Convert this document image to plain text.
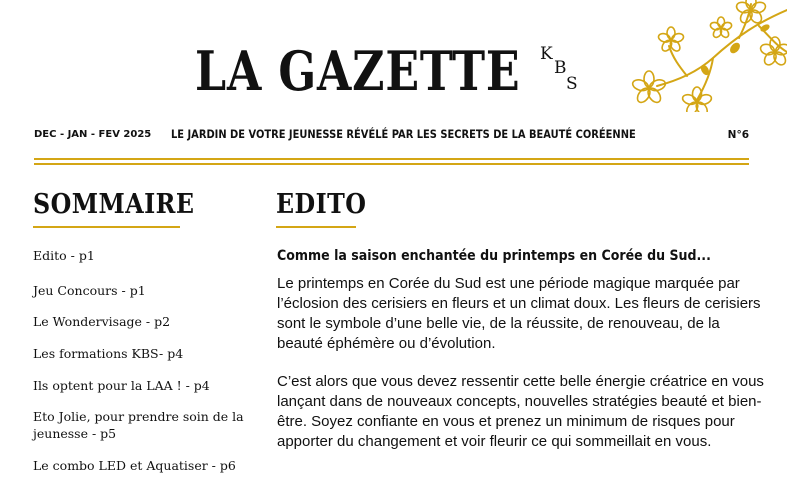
LA GAZETTE K
B
S
DEC - JAN - FEV 2025 LE JARDIN DE VOTRE JEUNESSE RÉVÉLÉ PAR LES SECRETS DE LA BEAUTÉ CORÉENNE	N°6
SOMMAIRE
Edito - p1
Jeu Concours - p1
Le Wondervisage - p2
Les formations KBS- p4
Ils optent pour la LAA ! - p4
Eto Jolie, pour prendre soin de la jeunesse - p5
Le combo LED et Aquatiser - p6
EDITO
Comme la saison enchantée du printemps en Corée du Sud...

Le printemps en Corée du Sud est une période magique marquée par l’éclosion des cerisiers en fleurs et un climat doux. Les fleurs de cerisiers sont le symbole d’une belle vie, de la réussite, de renouveau, de la beauté éphémère ou d’évolution.

C’est alors que vous devez ressentir cette belle énergie créatrice en vous lançant dans de nouveaux concepts, nouvelles stratégies beauté et bien-être. Soyez confiante en vous et prenez un minimum de risques pour apporter du changement et voir fleurir ce qui sommeillait en vous.
